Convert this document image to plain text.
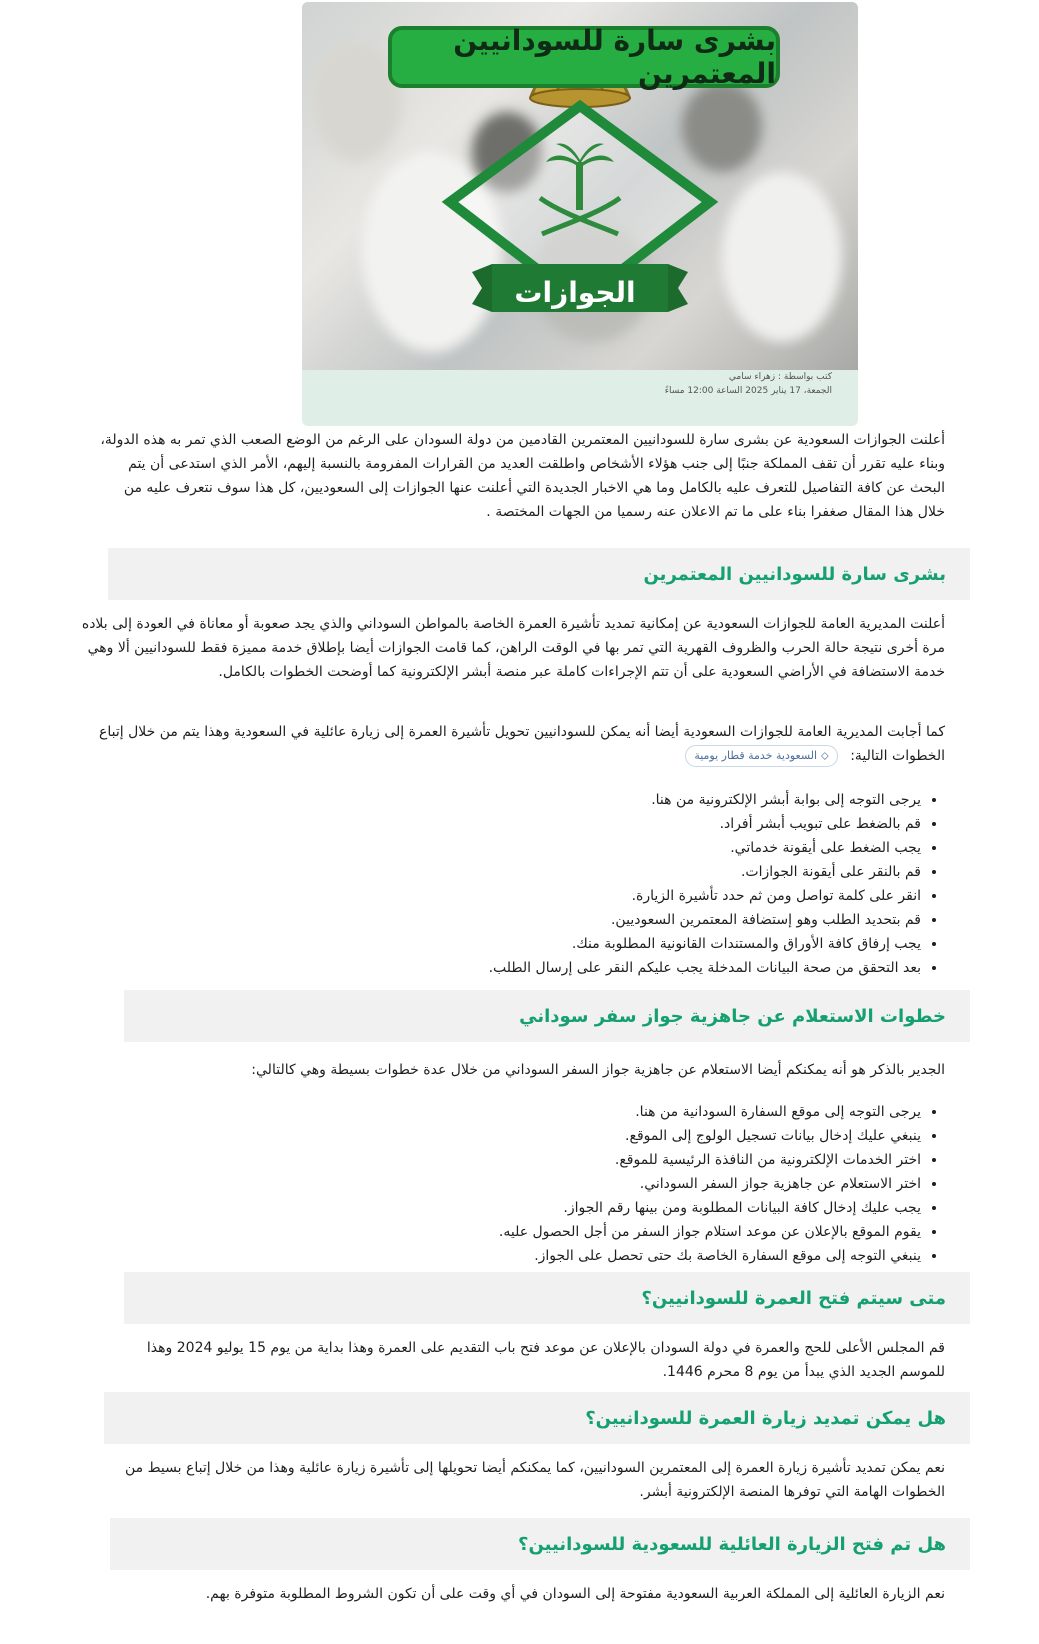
بشرى سارة للسودانيين المعتمرين
الجوازات
كتب بواسطة : زهراء سامي
الجمعة، 17 يناير 2025 الساعة 12:00 مساءً
أعلنت الجوازات السعودية عن بشرى سارة للسودانيين المعتمرين القادمين من دولة السودان على الرغم من الوضع الصعب الذي تمر به هذه الدولة، وبناء عليه تقرر أن تقف المملكة جنبًا إلى جنب هؤلاء الأشخاص واطلقت العديد من القرارات المفرومة بالنسبة إليهم، الأمر الذي استدعى أن يتم البحث عن كافة التفاصيل للتعرف عليه بالكامل وما هي الاخبار الجديدة التي أعلنت عنها الجوازات إلى السعوديين، كل هذا سوف نتعرف عليه من خلال هذا المقال صغفرا بناء على ما تم الاعلان عنه رسميا من الجهات المختصة .
بشرى سارة للسودانيين المعتمرين
أعلنت المديرية العامة للجوازات السعودية عن إمكانية تمديد تأشيرة العمرة الخاصة بالمواطن السوداني والذي يجد صعوبة أو معاناة في العودة إلى بلاده مرة أخرى نتيجة حالة الحرب والظروف القهرية التي تمر بها في الوقت الراهن، كما قامت الجوازات أيضا بإطلاق خدمة مميزة فقط للسودانيين ألا وهي خدمة الاستضافة في الأراضي السعودية على أن تتم الإجراءات كاملة عبر منصة أبشر الإلكترونية كما أوضحت الخطوات بالكامل.
كما أجابت المديرية العامة للجوازات السعودية أيضا أنه يمكن للسودانيين تحويل تأشيرة العمرة إلى زيارة عائلية في السعودية وهذا يتم من خلال إتباع الخطوات التالية: ⬦السعودية خدمة قطار يومية
• يرجى التوجه إلى بوابة أبشر الإلكترونية من هنا.
• قم بالضغط على تبويب أبشر أفراد.
• يجب الضغط على أيقونة خدماتي.
• قم بالنقر على أيقونة الجوازات.
• انقر على كلمة تواصل ومن ثم حدد تأشيرة الزيارة.
• قم بتحديد الطلب وهو إستضافة المعتمرين السعوديين.
• يجب إرفاق كافة الأوراق والمستندات القانونية المطلوبة منك.
• بعد التحقق من صحة البيانات المدخلة يجب عليكم النقر على إرسال الطلب.
خطوات الاستعلام عن جاهزية جواز سفر سوداني
الجدير بالذكر هو أنه يمكنكم أيضا الاستعلام عن جاهزية جواز السفر السوداني من خلال عدة خطوات بسيطة وهي كالتالي:
• يرجى التوجه إلى موقع السفارة السودانية من هنا.
• ينبغي عليك إدخال بيانات تسجيل الولوج إلى الموقع.
• اختر الخدمات الإلكترونية من النافذة الرئيسية للموقع.
• اختر الاستعلام عن جاهزية جواز السفر السوداني.
• يجب عليك إدخال كافة البيانات المطلوبة ومن بينها رقم الجواز.
• يقوم الموقع بالإعلان عن موعد استلام جواز السفر من أجل الحصول عليه.
• ينبغي التوجه إلى موقع السفارة الخاصة بك حتى تحصل على الجواز.
متى سيتم فتح العمرة للسودانيين؟
قم المجلس الأعلى للحج والعمرة في دولة السودان بالإعلان عن موعد فتح باب التقديم على العمرة وهذا بداية من يوم 15 يوليو 2024 وهذا للموسم الجديد الذي يبدأ من يوم 8 محرم 1446.
هل يمكن تمديد زيارة العمرة للسودانيين؟
نعم يمكن تمديد تأشيرة زيارة العمرة إلى المعتمرين السودانيين، كما يمكنكم أيضا تحويلها إلى تأشيرة زيارة عائلية وهذا من خلال إتباع بسيط من الخطوات الهامة التي توفرها المنصة الإلكترونية أبشر.
هل تم فتح الزيارة العائلية للسعودية للسودانيين؟
نعم الزيارة العائلية إلى المملكة العربية السعودية مفتوحة إلى السودان في أي وقت على أن تكون الشروط المطلوبة متوفرة بهم.
